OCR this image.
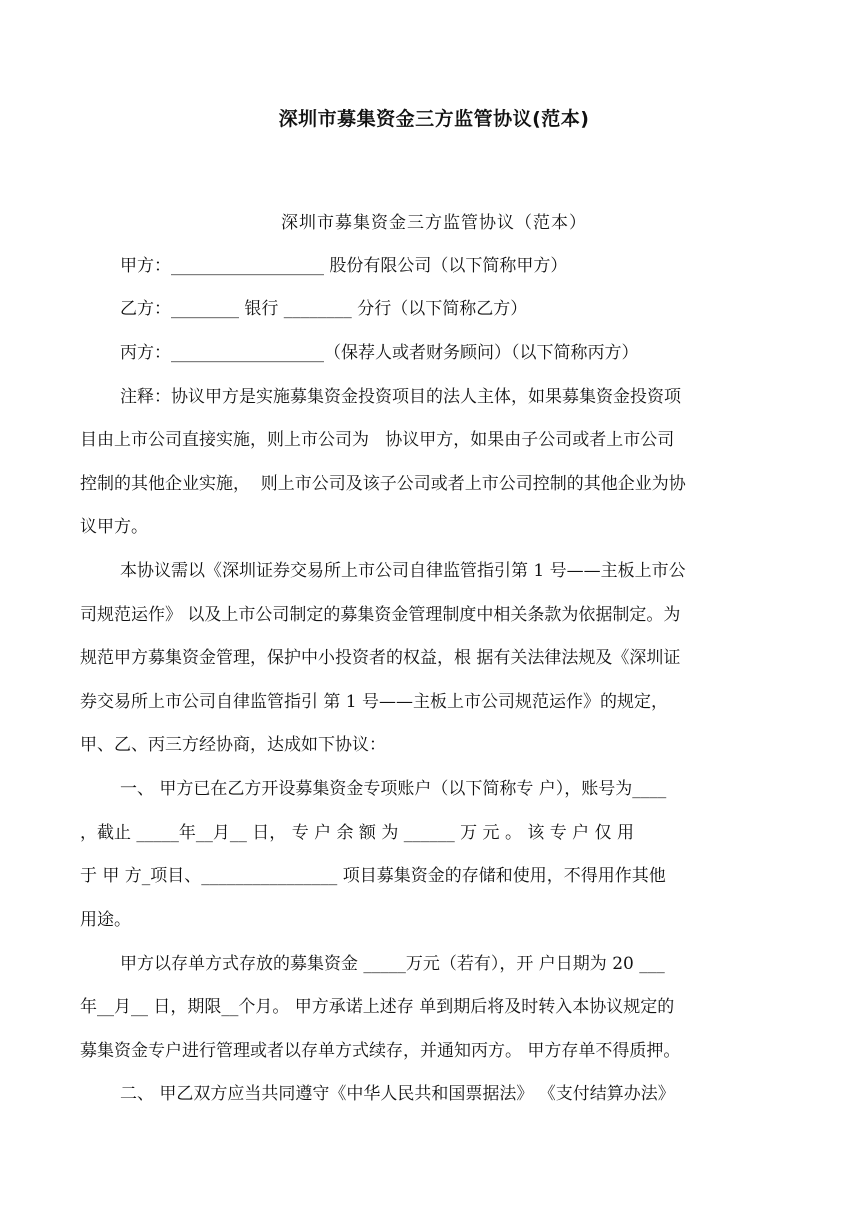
深圳市募集资金三方监管协议(范本)
深圳市募集资金三方监管协议（范本）
甲方：__________________ 股份有限公司（以下简称甲方）
乙方：________ 银行 ________ 分行（以下简称乙方）
丙方：__________________（保荐人或者财务顾问）（以下简称丙方）
注释：协议甲方是实施募集资金投资项目的法人主体，如果募集资金投资项
目由上市公司直接实施，则上市公司为   协议甲方，如果由子公司或者上市公司
控制的其他企业实施，  则上市公司及该子公司或者上市公司控制的其他企业为协
议甲方。
本协议需以《深圳证券交易所上市公司自律监管指引第 1 号——主板上市公
司规范运作》 以及上市公司制定的募集资金管理制度中相关条款为依据制定。为
规范甲方募集资金管理，保护中小投资者的权益，根 据有关法律法规及《深圳证
券交易所上市公司自律监管指引 第 1 号——主板上市公司规范运作》的规定，
甲、乙、丙三方经协商，达成如下协议：
一、 甲方已在乙方开设募集资金专项账户（以下简称专 户），账号为____
，截止 _____年__月__ 日， 专 户 余 额 为 ______ 万 元 。 该 专 户 仅 用
于 甲 方_项目、________________ 项目募集资金的存储和使用，不得用作其他
用途。
甲方以存单方式存放的募集资金 _____万元（若有），开 户日期为 20 ___
年__月__ 日，期限__个月。 甲方承诺上述存 单到期后将及时转入本协议规定的
募集资金专户进行管理或者以存单方式续存，并通知丙方。 甲方存单不得质押。
二、 甲乙双方应当共同遵守《中华人民共和国票据法》 《支付结算办法》
